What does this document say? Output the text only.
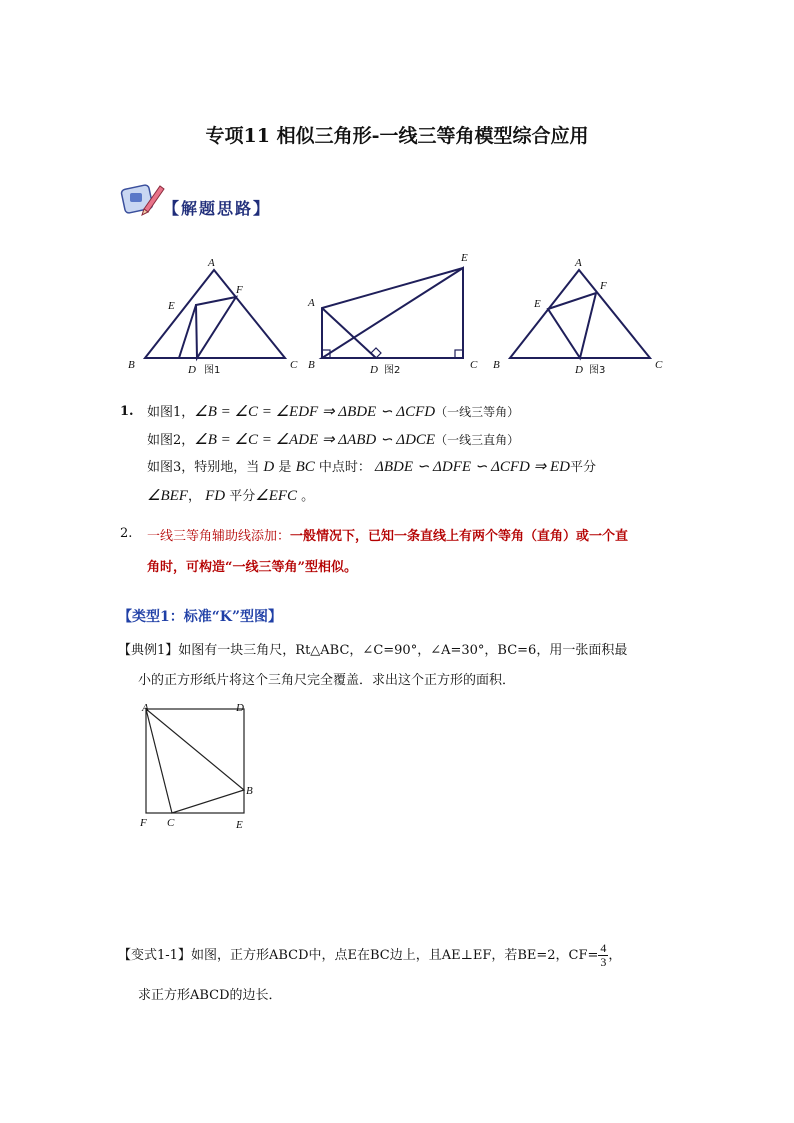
专项11 相似三角形-一线三等角模型综合应用
【解题思路】
A
E
F
B	D 图1	C
E
A
B	D 图2	C
A
E
F
B	D 图3	C
1. 如图1，∠B = ∠C = ∠EDF ⇒ ΔBDE ∽ ΔCFD（一线三等角）
如图2，∠B = ∠C = ∠ADE ⇒ ΔABD ∽ ΔDCE（一线三直角）
如图3，特别地，当 D 是 BC 中点时： ΔBDE ∽ ΔDFE ∽ ΔCFD ⇒ ED平分
∠BEF， FD 平分∠EFC 。
2. 一线三等角辅助线添加：一般情况下，已知一条直线上有两个等角（直角）或一个直
角时，可构造“一线三等角”型相似。
【类型1：标准“K”型图】
【典例1】如图有一块三角尺，Rt△ABC，∠C=90°，∠A=30°，BC=6，用一张面积最
小的正方形纸片将这个三角尺完全覆盖．求出这个正方形的面积．
A	D
B
F C	E
【变式1-1】如图，正方形ABCD中，点E在BC边上，且AE⊥EF，若BE=2，$CF= \frac{4}{3}$ ，
求正方形ABCD的边长．
